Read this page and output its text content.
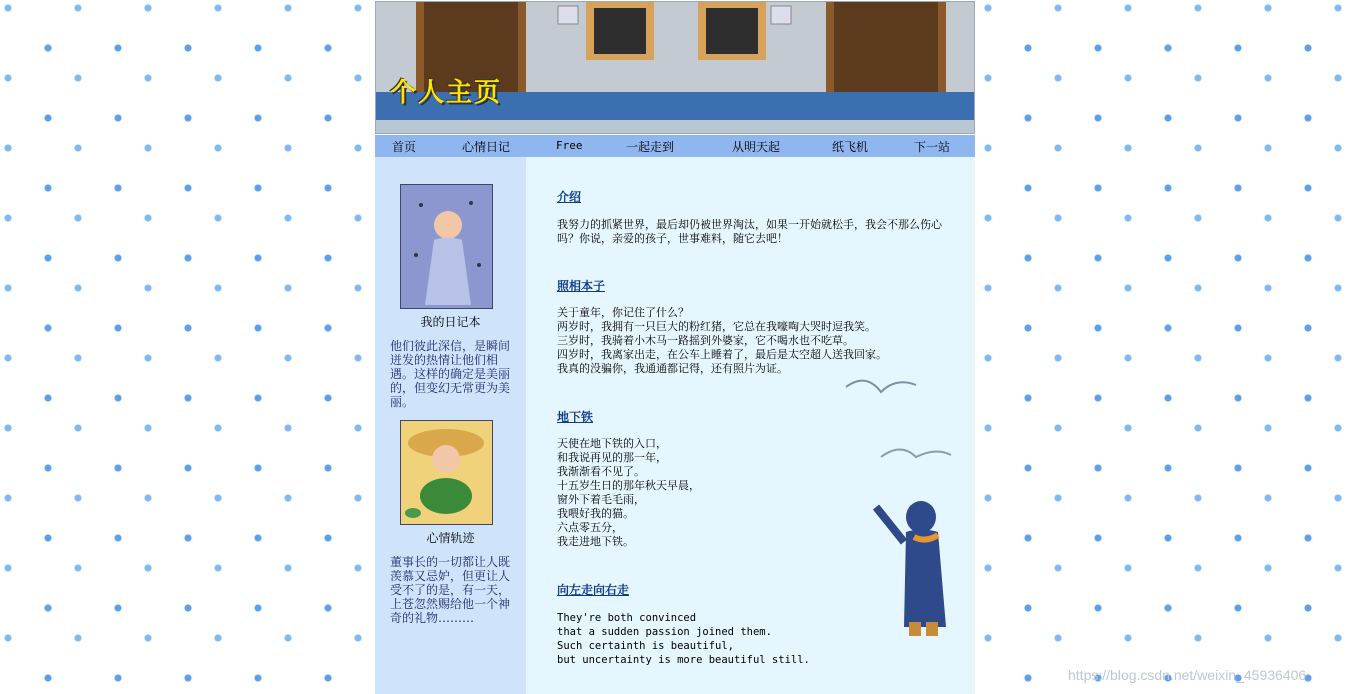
个人主页
首页	心情日记	Free	一起走到	从明天起	纸飞机	下一站
我的日记本
他们彼此深信，是瞬间迸发的热情让他们相遇。这样的确定是美丽的，但变幻无常更为美丽。
心情轨迹
董事长的一切都让人既羡慕又忌妒，但更让人受不了的是，有一天，上苍忽然赐给他一个神奇的礼物………
介绍
我努力的抓紧世界，最后却仍被世界淘汰，如果一开始就松手，我会不那么伤心吗？你说，亲爱的孩子，世事难料，随它去吧！
照相本子
关于童年，你记住了什么？
两岁时，我拥有一只巨大的粉红猪，它总在我嚎啕大哭时逗我笑。
三岁时，我骑着小木马一路摇到外婆家，它不喝水也不吃草。
四岁时，我离家出走，在公车上睡着了，最后是太空超人送我回家。
我真的没骗你，我通通都记得，还有照片为证。
地下铁
天使在地下铁的入口，
和我说再见的那一年，
我渐渐看不见了。
十五岁生日的那年秋天早晨，
窗外下着毛毛雨，
我喂好我的猫。
六点零五分，
我走进地下铁。
向左走向右走
They're both convinced
that a sudden passion joined them.
Such certainth is beautiful,
but uncertainty is more beautiful still.
https://blog.csdn.net/weixin_45936406
